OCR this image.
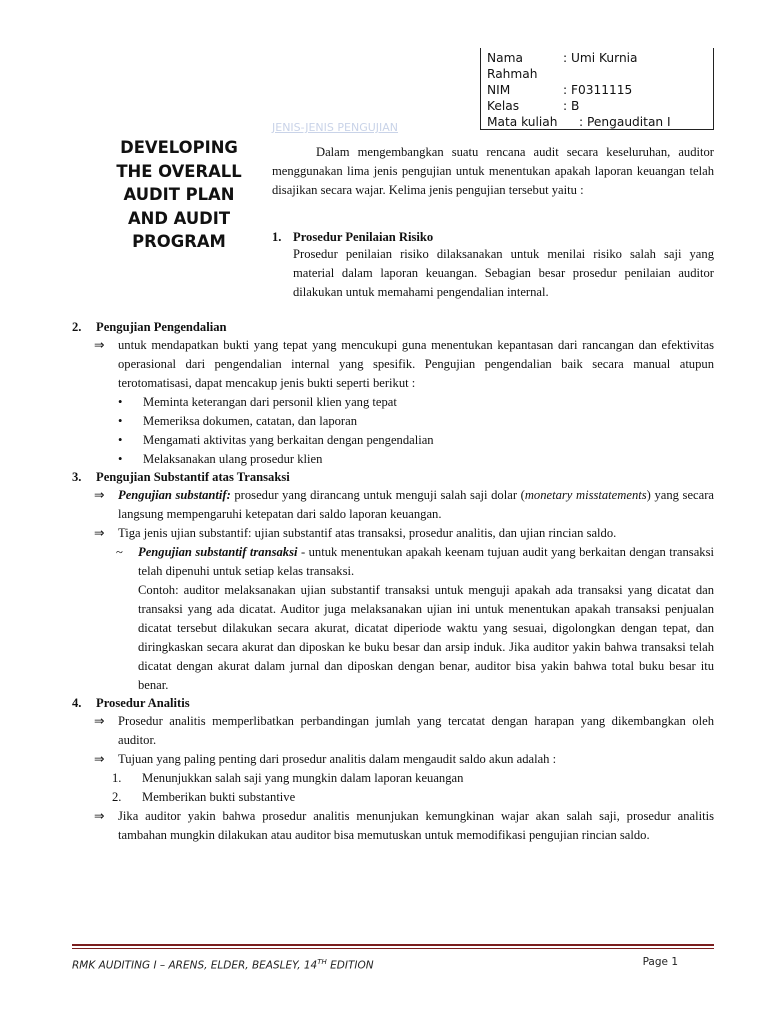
Nama	: Umi Kurnia
Rahmah
NIM	: F0311115
Kelas	: B
Mata kuliah	: Pengauditan I
JENIS-JENIS PENGUJIAN
DEVELOPING
THE OVERALL
AUDIT PLAN
AND AUDIT
PROGRAM

Dalam mengembangkan suatu rencana audit secara keseluruhan, auditor menggunakan lima jenis pengujian untuk menentukan apakah laporan keuangan telah disajikan secara wajar. Kelima jenis pengujian tersebut yaitu :

1. Prosedur Penilaian Risiko
Prosedur penilaian risiko dilaksanakan untuk menilai risiko salah saji yang material dalam laporan keuangan. Sebagian besar prosedur penilaian auditor dilakukan untuk memahami pengendalian internal.
2.	Pengujian Pengendalian
⇒ untuk mendapatkan bukti yang tepat yang mencukupi guna menentukan kepantasan dari rancangan dan efektivitas operasional dari pengendalian internal yang spesifik. Pengujian pengendalian baik secara manual atupun terotomatisasi, dapat mencakup jenis bukti seperti berikut :
•	Meminta keterangan dari personil klien yang tepat
•	Memeriksa dokumen, catatan, dan laporan
•	Mengamati aktivitas yang berkaitan dengan pengendalian
•	Melaksanakan ulang prosedur klien
3.	Pengujian Substantif atas Transaksi
⇒ Pengujian substantif: prosedur yang dirancang untuk menguji salah saji dolar (monetary misstatements) yang secara langsung mempengaruhi ketepatan dari saldo laporan keuangan.
⇒ Tiga jenis ujian substantif: ujian substantif atas transaksi, prosedur analitis, dan ujian rincian saldo.
~ Pengujian substantif transaksi - untuk menentukan apakah keenam tujuan audit yang berkaitan dengan transaksi telah dipenuhi untuk setiap kelas transaksi.
Contoh: auditor melaksanakan ujian substantif transaksi untuk menguji apakah ada transaksi yang dicatat dan transaksi yang ada dicatat. Auditor juga melaksanakan ujian ini untuk menentukan apakah transaksi penjualan dicatat tersebut dilakukan secara akurat, dicatat diperiode waktu yang sesuai, digolongkan dengan tepat, dan diringkaskan secara akurat dan diposkan ke buku besar dan arsip induk. Jika auditor yakin bahwa transaksi telah dicatat dengan akurat dalam jurnal dan diposkan dengan benar, auditor bisa yakin bahwa total buku besar itu benar.
4.	Prosedur Analitis
⇒ Prosedur analitis memperlibatkan perbandingan jumlah yang tercatat dengan harapan yang dikembangkan oleh auditor.
⇒ Tujuan yang paling penting dari prosedur analitis dalam mengaudit saldo akun adalah :
1.	Menunjukkan salah saji yang mungkin dalam laporan keuangan
2.	Memberikan bukti substantive
⇒ Jika auditor yakin bahwa prosedur analitis menunjukan kemungkinan wajar akan salah saji, prosedur analitis tambahan mungkin dilakukan atau auditor bisa memutuskan untuk memodifikasi pengujian rincian saldo.
RMK AUDITING I – ARENS, ELDER, BEASLEY, 14TH EDITION	Page 1
